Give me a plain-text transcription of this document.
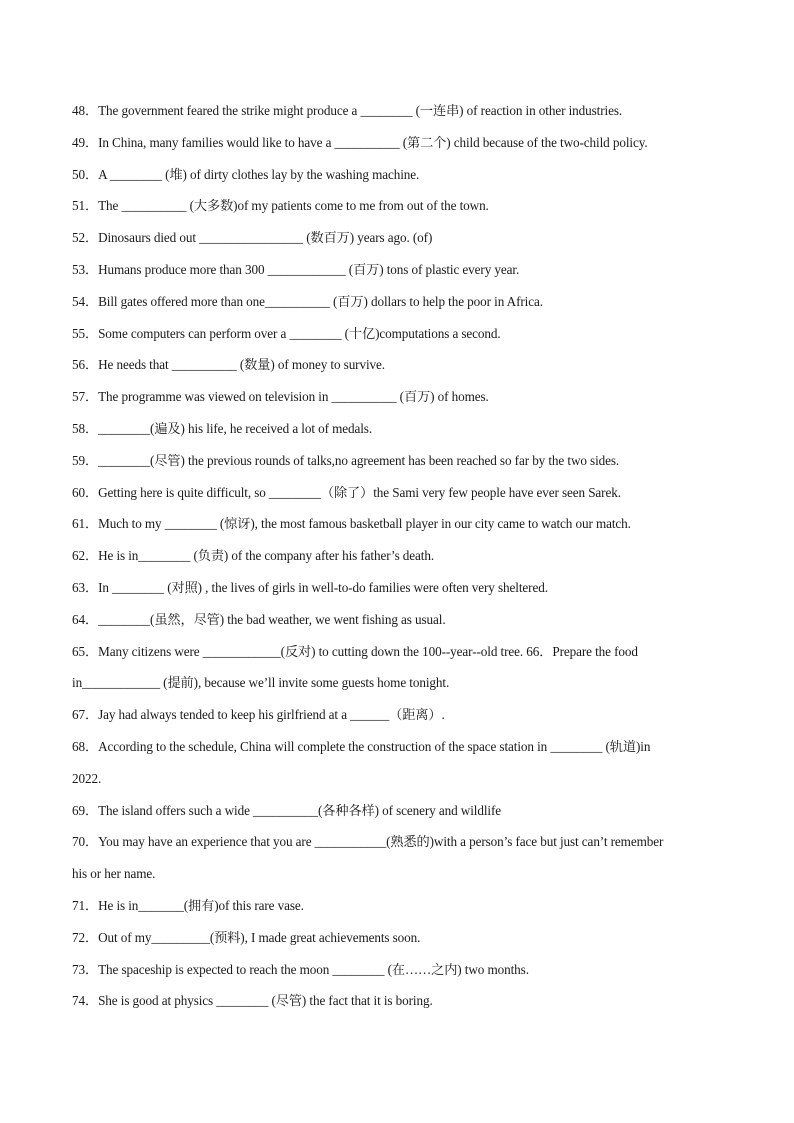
48．The government feared the strike might produce a ________ (一连串) of reaction in other industries.
49．In China, many families would like to have a __________ (第二个) child because of the two-child policy.
50．A ________ (堆) of dirty clothes lay by the washing machine.
51．The __________ (大多数)of my patients come to me from out of the town.
52．Dinosaurs died out ________________ (数百万) years ago. (of)
53．Humans produce more than 300 ____________ (百万) tons of plastic every year.
54．Bill gates offered more than one__________ (百万) dollars to help the poor in Africa.
55．Some computers can perform over a ________ (十亿)computations a second.
56．He needs that __________ (数量) of money to survive.
57．The programme was viewed on television in __________ (百万) of homes.
58．________(遍及) his life, he received a lot of medals.
59．________(尽管) the previous rounds of talks,no agreement has been reached so far by the two sides.
60．Getting here is quite difficult, so ________（除了）the Sami very few people have ever seen Sarek.
61．Much to my ________ (惊讶), the most famous basketball player in our city came to watch our match.
62．He is in________ (负责) of the company after his father’s death.
63．In ________ (对照) , the lives of girls in well-to-do families were often very sheltered.
64．________(虽然，尽管) the bad weather, we went fishing as usual.
65．Many citizens were ____________(反对) to cutting down the 100--year--old tree. 66．Prepare the food
in____________ (提前), because we’ll invite some guests home tonight.
67．Jay had always tended to keep his girlfriend at a ______（距离）.
68．According to the schedule, China will complete the construction of the space station in ________ (轨道)in
2022.
69．The island offers such a wide __________(各种各样) of scenery and wildlife
70．You may have an experience that you are ___________(熟悉的)with a person’s face but just can’t remember
his or her name.
71．He is in_______(拥有)of this rare vase.
72．Out of my_________(预料), I made great achievements soon.
73．The spaceship is expected to reach the moon ________ (在……之内) two months.
74．She is good at physics ________ (尽管) the fact that it is boring.
